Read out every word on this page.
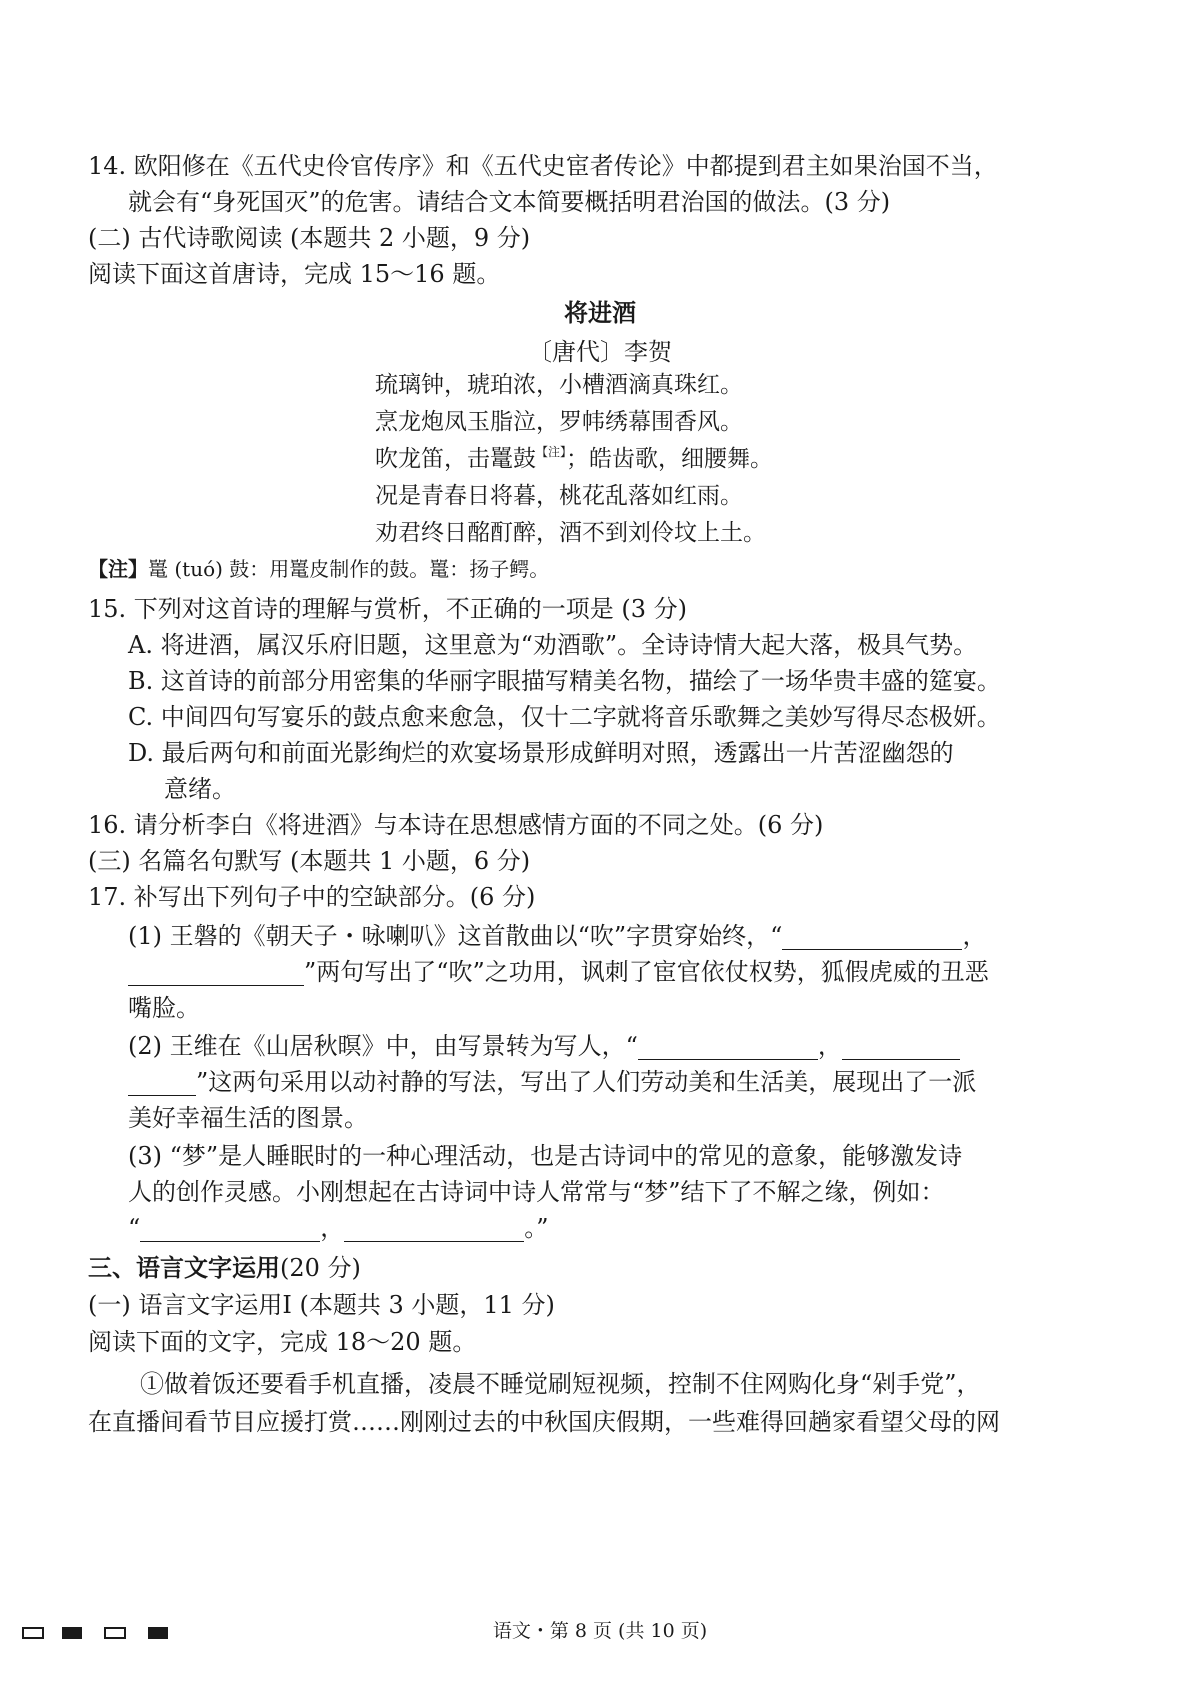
14. 欧阳修在《五代史伶官传序》和《五代史宦者传论》中都提到君主如果治国不当，
就会有“身死国灭”的危害。请结合文本简要概括明君治国的做法。(3 分)
(二) 古代诗歌阅读 (本题共 2 小题，9 分)
阅读下面这首唐诗，完成 15～16 题。
将进酒
〔唐代〕李贺
琉璃钟，琥珀浓，小槽酒滴真珠红。
烹龙炮凤玉脂泣，罗帏绣幕围香风。
吹龙笛，击鼍鼓$^{【注】}$；皓齿歌，细腰舞。
况是青春日将暮，桃花乱落如红雨。
劝君终日酩酊醉，酒不到刘伶坟上土。
【注】鼍 (tuó) 鼓：用鼍皮制作的鼓。鼍：扬子鳄。
15. 下列对这首诗的理解与赏析，不正确的一项是 (3 分)
A. 将进酒，属汉乐府旧题，这里意为“劝酒歌”。全诗诗情大起大落，极具气势。
B. 这首诗的前部分用密集的华丽字眼描写精美名物，描绘了一场华贵丰盛的筵宴。
C. 中间四句写宴乐的鼓点愈来愈急，仅十二字就将音乐歌舞之美妙写得尽态极妍。
D. 最后两句和前面光影绚烂的欢宴场景形成鲜明对照，透露出一片苦涩幽怨的
意绪。
16. 请分析李白《将进酒》与本诗在思想感情方面的不同之处。(6 分)
(三) 名篇名句默写 (本题共 1 小题，6 分)
17. 补写出下列句子中的空缺部分。(6 分)
(1) 王磐的《朝天子・咏喇叭》这首散曲以“吹”字贯穿始终，“	，
”两句写出了“吹”之功用，讽刺了宦官依仗权势，狐假虎威的丑恶
嘴脸。
(2) 王维在《山居秋暝》中，由写景转为写人，“	，
”这两句采用以动衬静的写法，写出了人们劳动美和生活美，展现出了一派
美好幸福生活的图景。
(3) “梦”是人睡眠时的一种心理活动，也是古诗词中的常见的意象，能够激发诗
人的创作灵感。小刚想起在古诗词中诗人常常与“梦”结下了不解之缘，例如：
“	，	。”
三、语言文字运用(20 分)
(一) 语言文字运用Ⅰ (本题共 3 小题，11 分)
阅读下面的文字，完成 18～20 题。
①做着饭还要看手机直播，凌晨不睡觉刷短视频，控制不住网购化身“剁手党”，
在直播间看节目应援打赏……刚刚过去的中秋国庆假期，一些难得回趟家看望父母的网
语文・第 8 页 (共 10 页)
